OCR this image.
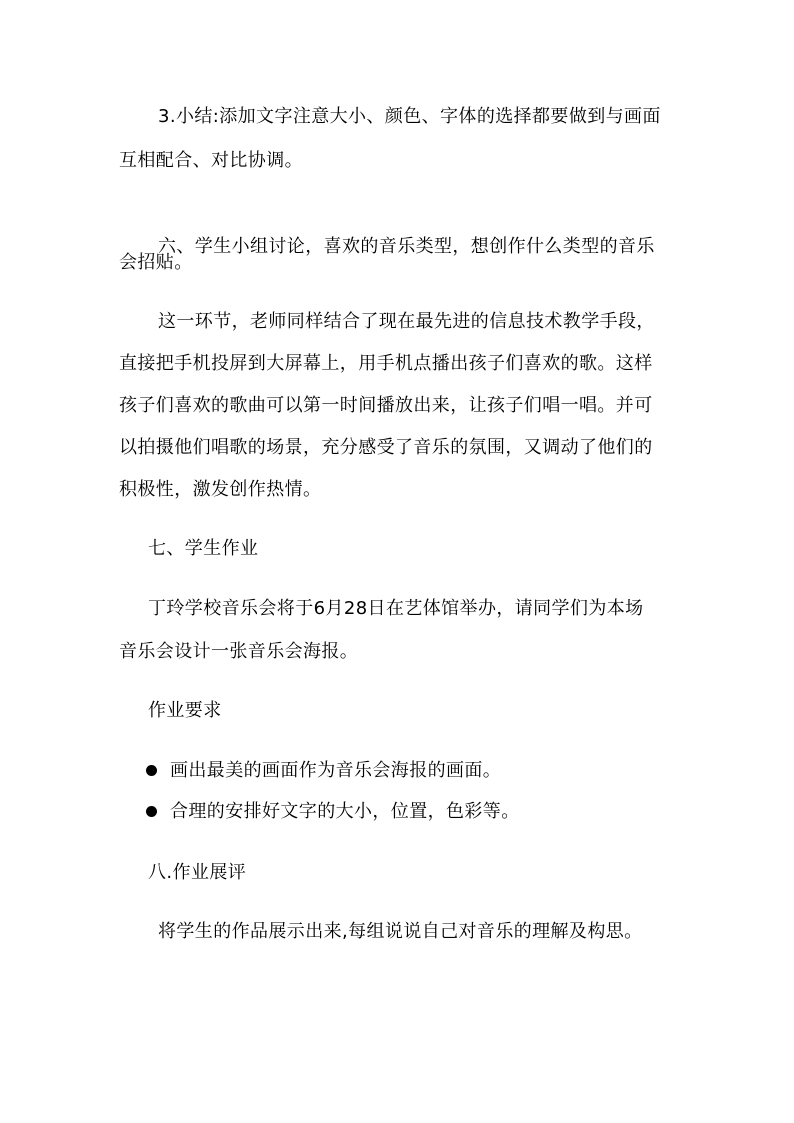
3.小结:添加文字注意大小、颜色、字体的选择都要做到与画面
互相配合、对比协调。
六、学生小组讨论，喜欢的音乐类型，想创作什么类型的音乐
会招贴。
这一环节，老师同样结合了现在最先进的信息技术教学手段，
直接把手机投屏到大屏幕上，用手机点播出孩子们喜欢的歌。这样
孩子们喜欢的歌曲可以第一时间播放出来，让孩子们唱一唱。并可
以拍摄他们唱歌的场景，充分感受了音乐的氛围，又调动了他们的
积极性，激发创作热情。
七、学生作业
丁玲学校音乐会将于6月28日在艺体馆举办，请同学们为本场
音乐会设计一张音乐会海报。
作业要求
画出最美的画面作为音乐会海报的画面。
合理的安排好文字的大小，位置，色彩等。
八.作业展评
将学生的作品展示出来,每组说说自己对音乐的理解及构思。
